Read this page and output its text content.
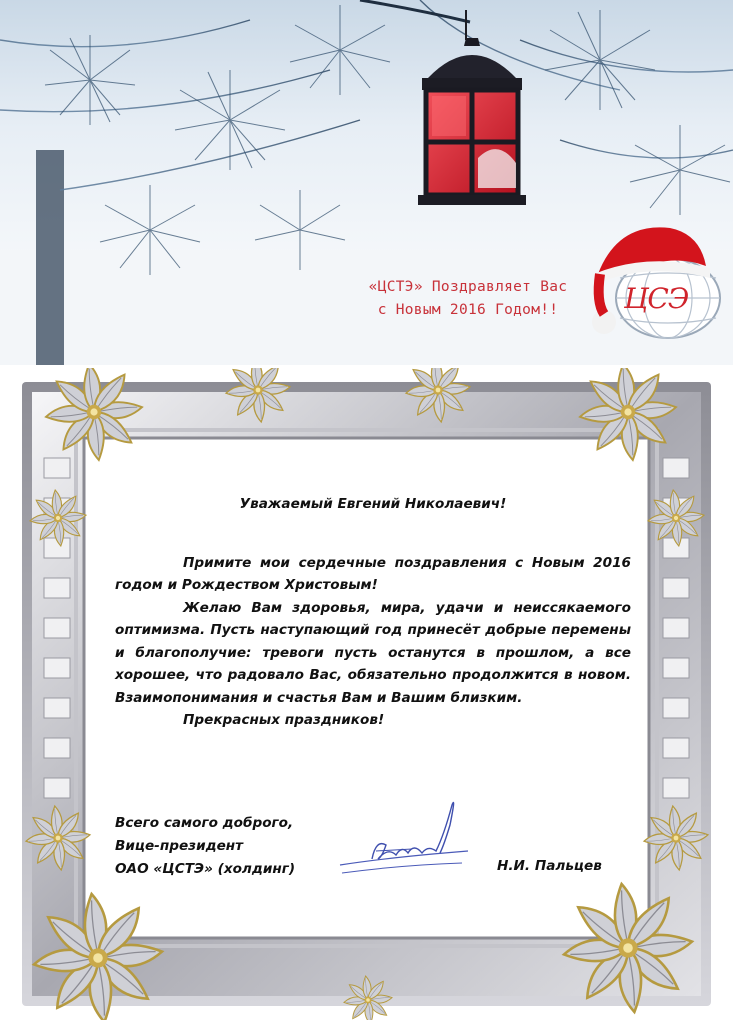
«ЦСТЭ» Поздравляет Вас
с Новым 2016 Годом!!	ЦСЭ

Уважаемый Евгений Николаевич!

Примите мои сердечные поздравления с Новым 2016 годом и Рождеством Христовым!

Желаю Вам здоровья, мира, удачи и неиссякаемого оптимизма. Пусть наступающий год принесёт добрые перемены и благополучие: тревоги пусть останутся в прошлом, а все хорошее, что радовало Вас, обязательно продолжится в новом. Взаимопонимания и счастья Вам и Вашим близким.

Прекрасных праздников!

Всего самого доброго,
Вице-президент
ОАО «ЦСТЭ» (холдинг)	Н.И. Пальцев
